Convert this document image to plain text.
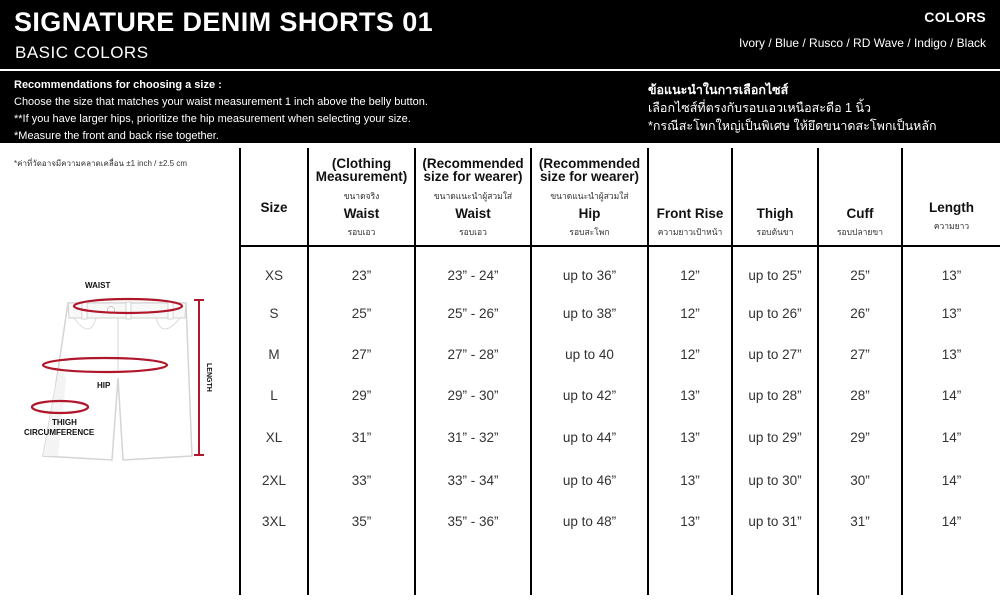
SIGNATURE DENIM SHORTS 01
BASIC COLORS
COLORS
Ivory / Blue / Rusco / RD Wave / Indigo / Black
Recommendations for choosing a size :
Choose the size that matches your waist measurement 1 inch above the belly button.
**If you have larger hips, prioritize the hip measurement when selecting your size.
*Measure the front and back rise together.
ข้อแนะนำในการเลือกไซส์
เลือกไซส์ที่ตรงกับรอบเอวเหนือสะดือ 1 นิ้ว
*กรณีสะโพกใหญ่เป็นพิเศษ ให้ยึดขนาดสะโพกเป็นหลัก
*ค่าที่วัดอาจมีความคลาดเคลื่อน ±1 inch / ±2.5 cm
WAIST
HIP
THIGH
CIRCUMFERENCE
LENGTH
Size
(Clothing Measurement)
ขนาดจริง
Waist
รอบเอว
(Recommended size for wearer)
ขนาดแนะนำผู้สวมใส่
Waist
รอบเอว
(Recommended size for wearer)
ขนาดแนะนำผู้สวมใส่
Hip
รอบสะโพก
Front Rise
ความยาวเป้าหน้า
Thigh
รอบต้นขา
Cuff
รอบปลายขา
Length
ความยาว
XS	23”	23” - 24”	up to 36”	12”	up to 25”	25”	13”
S	25”	25” - 26”	up to 38”	12”	up to 26”	26”	13”
M	27”	27” - 28”	up to 40	12”	up to 27”	27”	13”
L	29”	29” - 30”	up to 42”	13”	up to 28”	28”	14”
XL	31”	31” - 32”	up to 44”	13”	up to 29”	29”	14”
2XL	33”	33” - 34”	up to 46”	13”	up to 30”	30”	14”
3XL	35”	35” - 36”	up to 48”	13”	up to 31”	31”	14”
